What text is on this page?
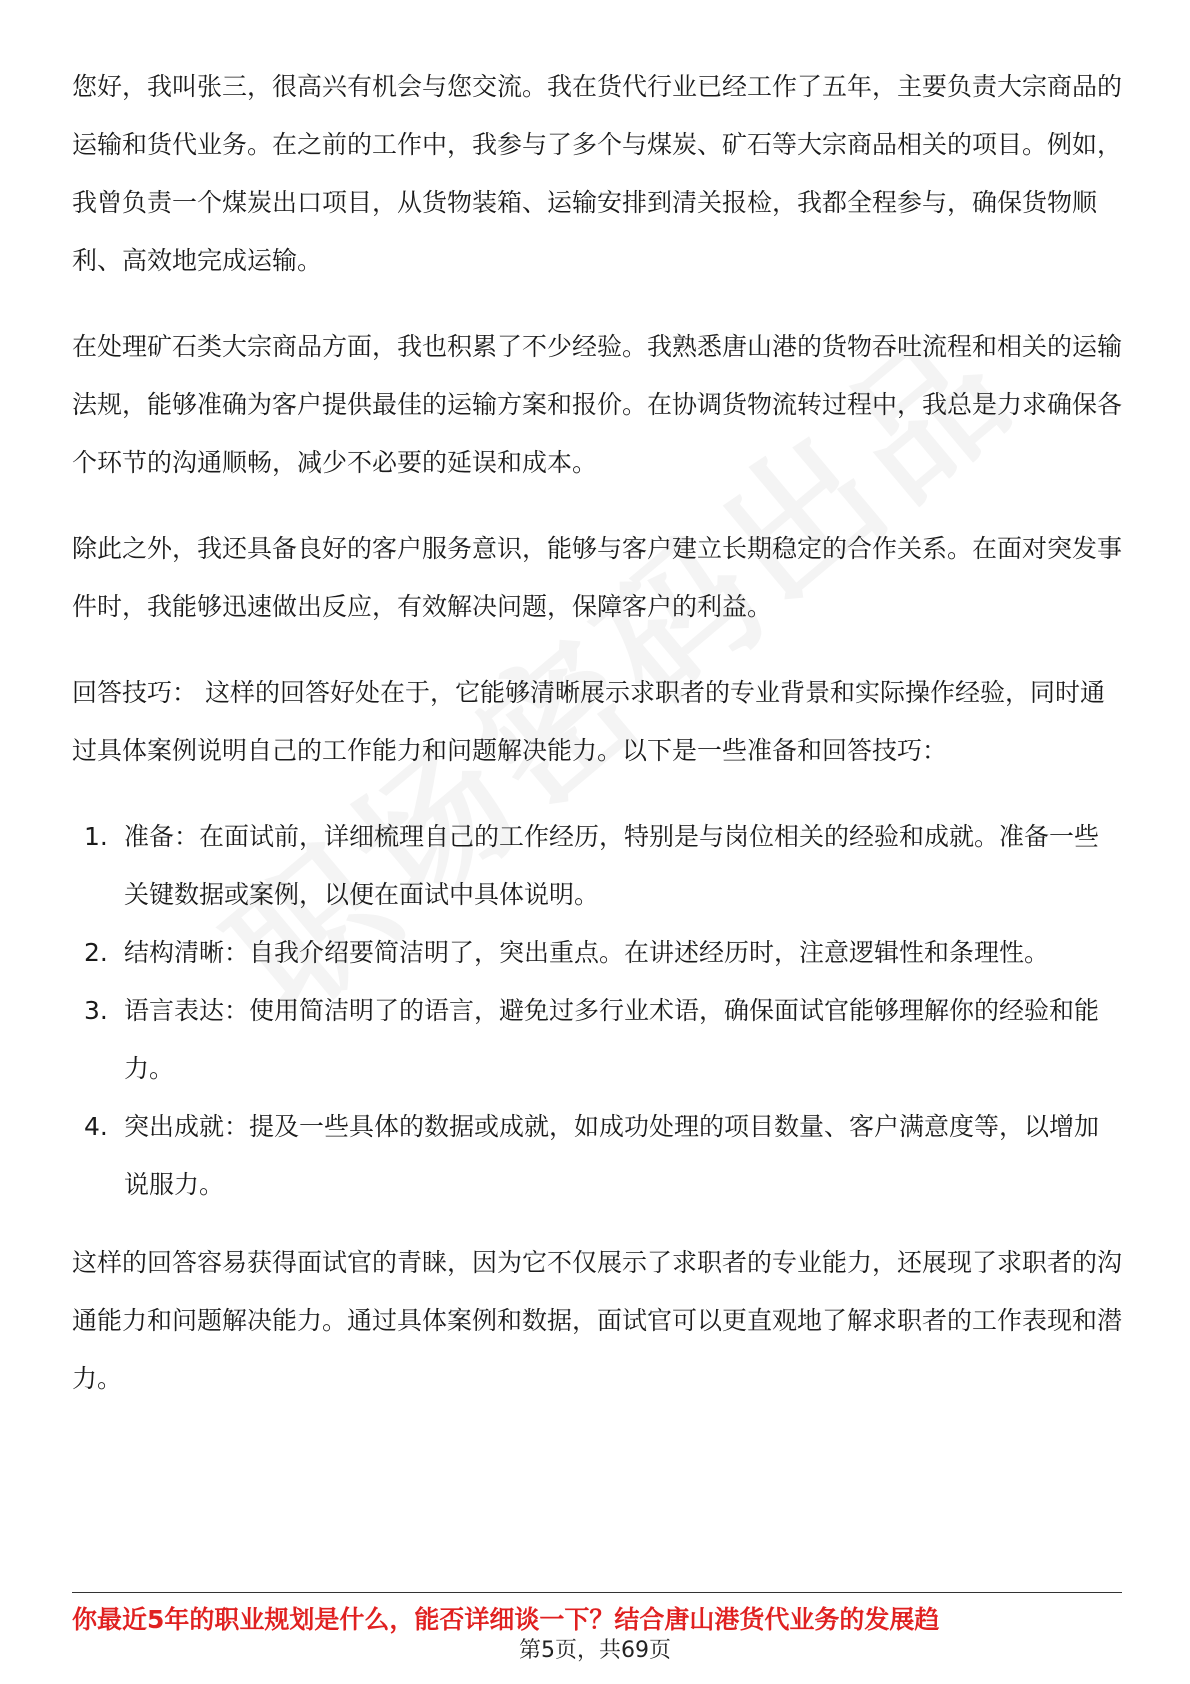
您好，我叫张三，很高兴有机会与您交流。我在货代行业已经工作了五年，主要负责大宗商品的运输和货代业务。在之前的工作中，我参与了多个与煤炭、矿石等大宗商品相关的项目。例如，我曾负责一个煤炭出口项目，从货物装箱、运输安排到清关报检，我都全程参与，确保货物顺利、高效地完成运输。

在处理矿石类大宗商品方面，我也积累了不少经验。我熟悉唐山港的货物吞吐流程和相关的运输法规，能够准确为客户提供最佳的运输方案和报价。在协调货物流转过程中，我总是力求确保各个环节的沟通顺畅，减少不必要的延误和成本。

除此之外，我还具备良好的客户服务意识，能够与客户建立长期稳定的合作关系。在面对突发事件时，我能够迅速做出反应，有效解决问题，保障客户的利益。

回答技巧： 这样的回答好处在于，它能够清晰展示求职者的专业背景和实际操作经验，同时通过具体案例说明自己的工作能力和问题解决能力。以下是一些准备和回答技巧：

1. 准备：在面试前，详细梳理自己的工作经历，特别是与岗位相关的经验和成就。准备一些关键数据或案例，以便在面试中具体说明。
2. 结构清晰：自我介绍要简洁明了，突出重点。在讲述经历时，注意逻辑性和条理性。
3. 语言表达：使用简洁明了的语言，避免过多行业术语，确保面试官能够理解你的经验和能力。
4. 突出成就：提及一些具体的数据或成就，如成功处理的项目数量、客户满意度等，以增加说服力。

这样的回答容易获得面试官的青睐，因为它不仅展示了求职者的专业能力，还展现了求职者的沟通能力和问题解决能力。通过具体案例和数据，面试官可以更直观地了解求职者的工作表现和潜力。

你最近5年的职业规划是什么，能否详细谈一下？结合唐山港货代业务的发展趋
第5页，共69页
